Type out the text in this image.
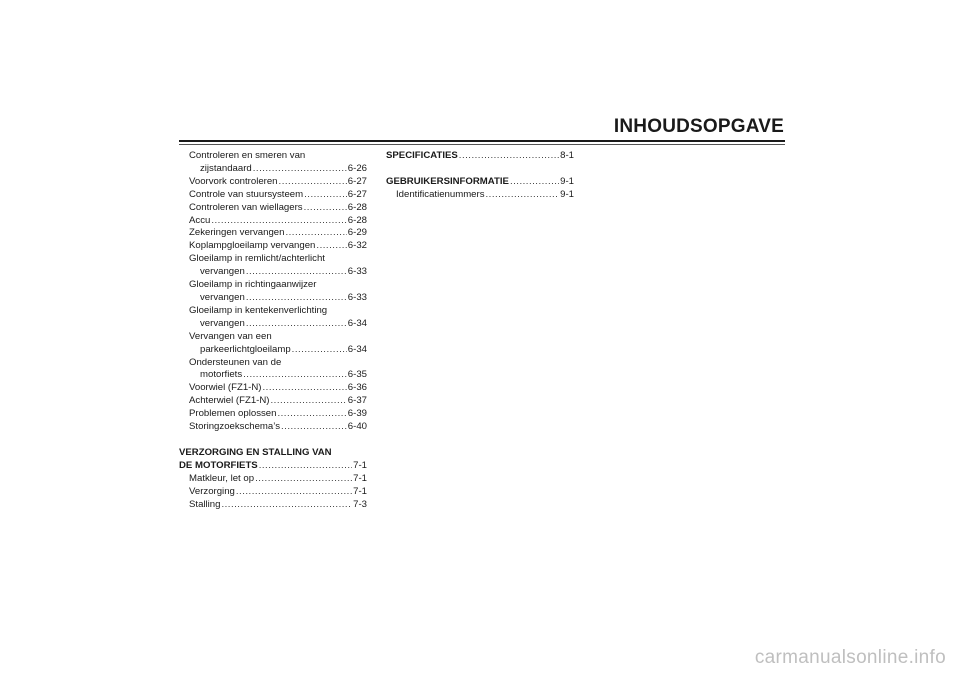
INHOUDSOPGAVE
Controleren en smeren van
zijstandaard .....	6-26
Voorvork controleren .....	6-27
Controle van stuursysteem .....	6-27
Controleren van wiellagers .....	6-28
Accu .....	6-28
Zekeringen vervangen .....	6-29
Koplampgloeilamp vervangen .....	6-32
Gloeilamp in remlicht/achterlicht
vervangen .....	6-33
Gloeilamp in richtingaanwijzer
vervangen .....	6-33
Gloeilamp in kentekenverlichting
vervangen .....	6-34
Vervangen van een
parkeerlichtgloeilamp .....	6-34
Ondersteunen van de
motorfiets .....	6-35
Voorwiel (FZ1-N) .....	6-36
Achterwiel (FZ1-N) .....	6-37
Problemen oplossen .....	6-39
Storingzoekschema’s .....	6-40
VERZORGING EN STALLING VAN
DE MOTORFIETS .....	7-1
Matkleur, let op .....	7-1
Verzorging .....	7-1
Stalling .....	7-3
SPECIFICATIES .....	8-1
GEBRUIKERSINFORMATIE .....	9-1
Identificatienummers .....	9-1
carmanualsonline.info
